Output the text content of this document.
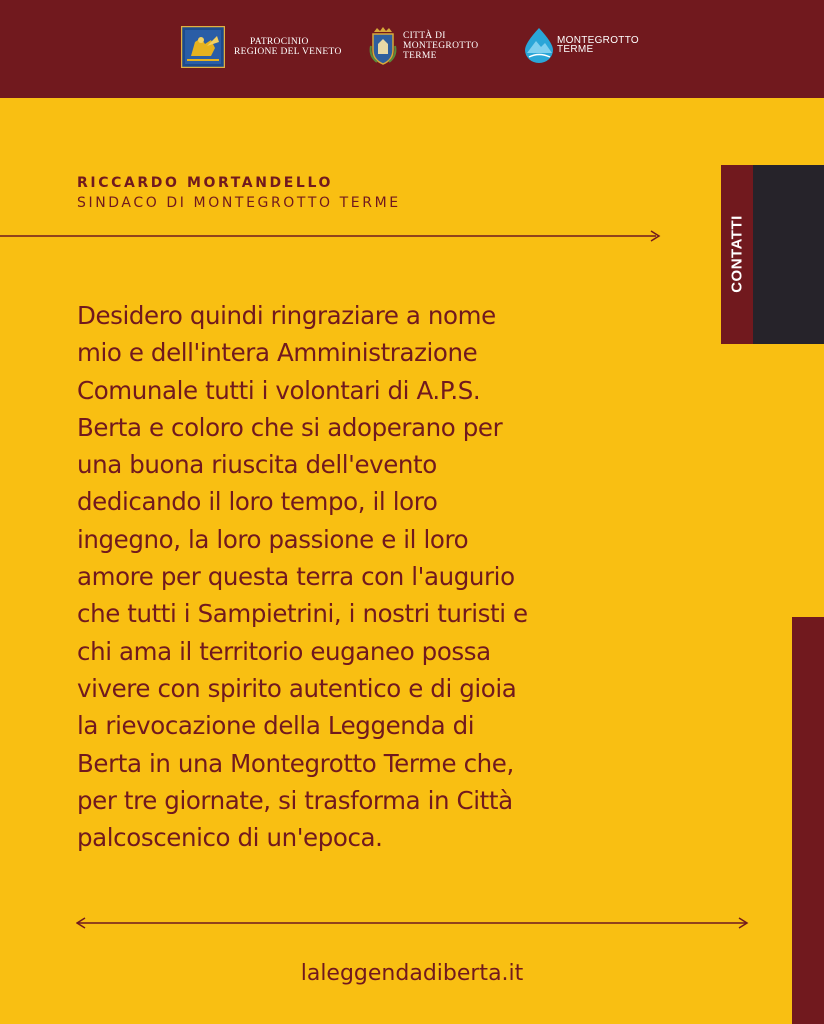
PATROCINIO
REGIONE DEL VENETO
CITTÀ DI
MONTEGROTTO
TERME
MONTEGROTTO
TERME
RICCARDO MORTANDELLO
SINDACO DI MONTEGROTTO TERME
CONTATTI
Desidero quindi ringraziare a nome
mio e dell'intera Amministrazione
Comunale tutti i volontari di A.P.S.
Berta e coloro che si adoperano per
una buona riuscita dell'evento
dedicando il loro tempo, il loro
ingegno, la loro passione e il loro
amore per questa terra con l'augurio
che tutti i Sampietrini, i nostri turisti e
chi ama il territorio euganeo possa
vivere con spirito autentico e di gioia
la rievocazione della Leggenda di
Berta in una Montegrotto Terme che,
per tre giornate, si trasforma in Città
palcoscenico di un'epoca.
laleggendadiberta.it
